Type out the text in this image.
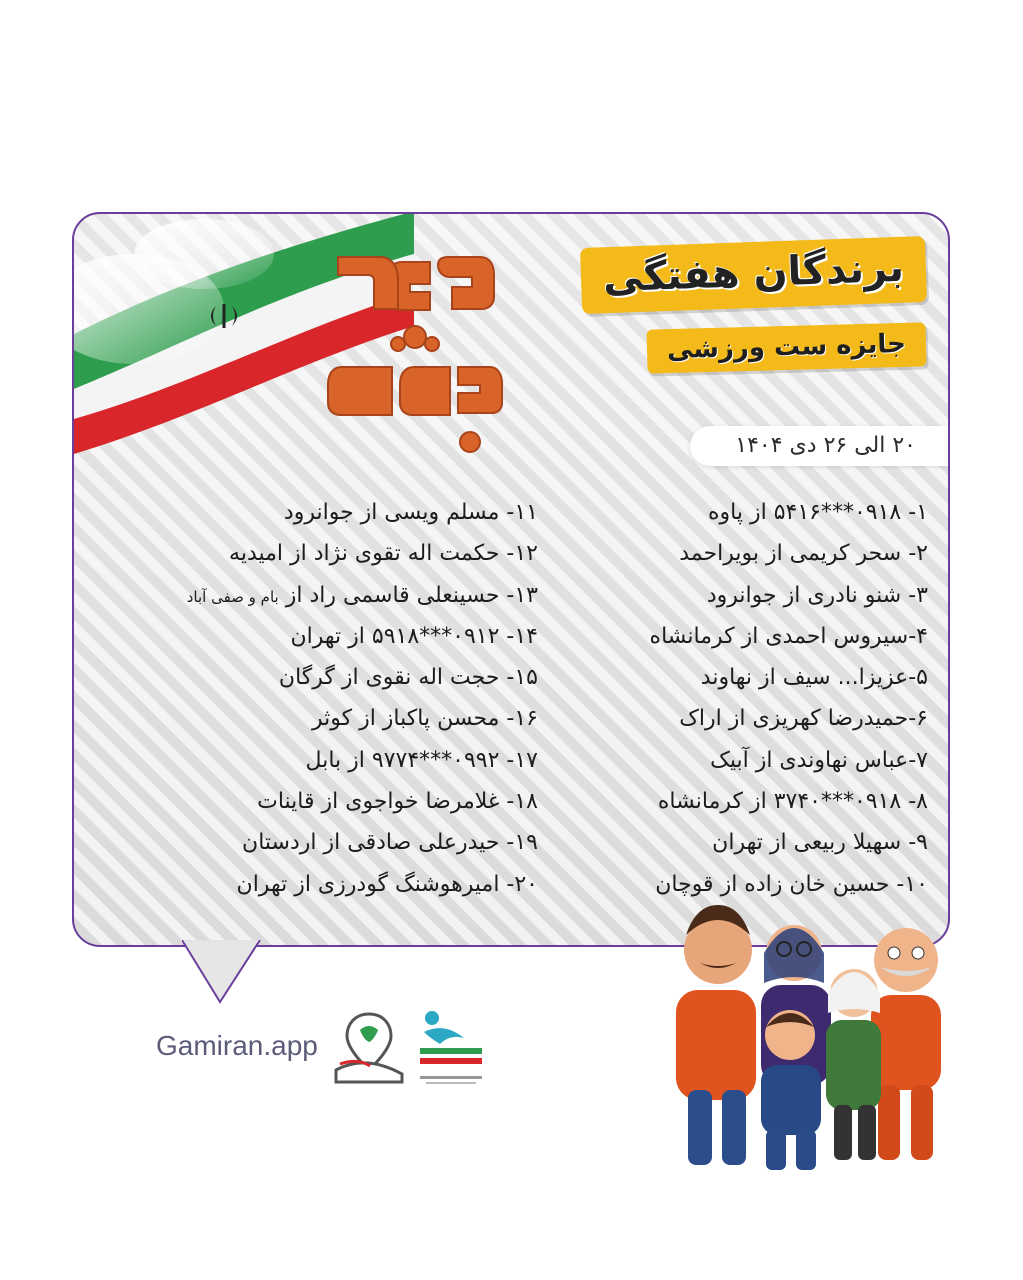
برندگان هفتگی
جایزه ست ورزشی
۲۰ الی ۲۶ دی ۱۴۰۴
۱- ۰۹۱۸***۵۴۱۶ از پاوه
۲- سحر کریمی از بویراحمد
۳- شنو نادری از جوانرود
۴-سیروس احمدی از کرمانشاه
۵-عزیزا... سیف از نهاوند
۶-حمیدرضا کهریزی از اراک
۷-عباس نهاوندی از آبیک
۸- ۰۹۱۸***۳۷۴۰ از کرمانشاه
۹- سهیلا ربیعی از تهران
۱۰- حسین خان زاده از قوچان
۱۱- مسلم ویسی از جوانرود
۱۲- حکمت اله تقوی نژاد از امیدیه
۱۳- حسینعلی قاسمی راد از بام و صفی آباد
۱۴- ۰۹۱۲***۵۹۱۸ از تهران
۱۵- حجت اله نقوی از گرگان
۱۶- محسن پاکباز از کوثر
۱۷- ۰۹۹۲***۹۷۷۴ از بابل
۱۸- غلامرضا خواجوی از قاینات
۱۹- حیدرعلی صادقی از اردستان
۲۰- امیرهوشنگ گودرزی از تهران
Gamiran.app
